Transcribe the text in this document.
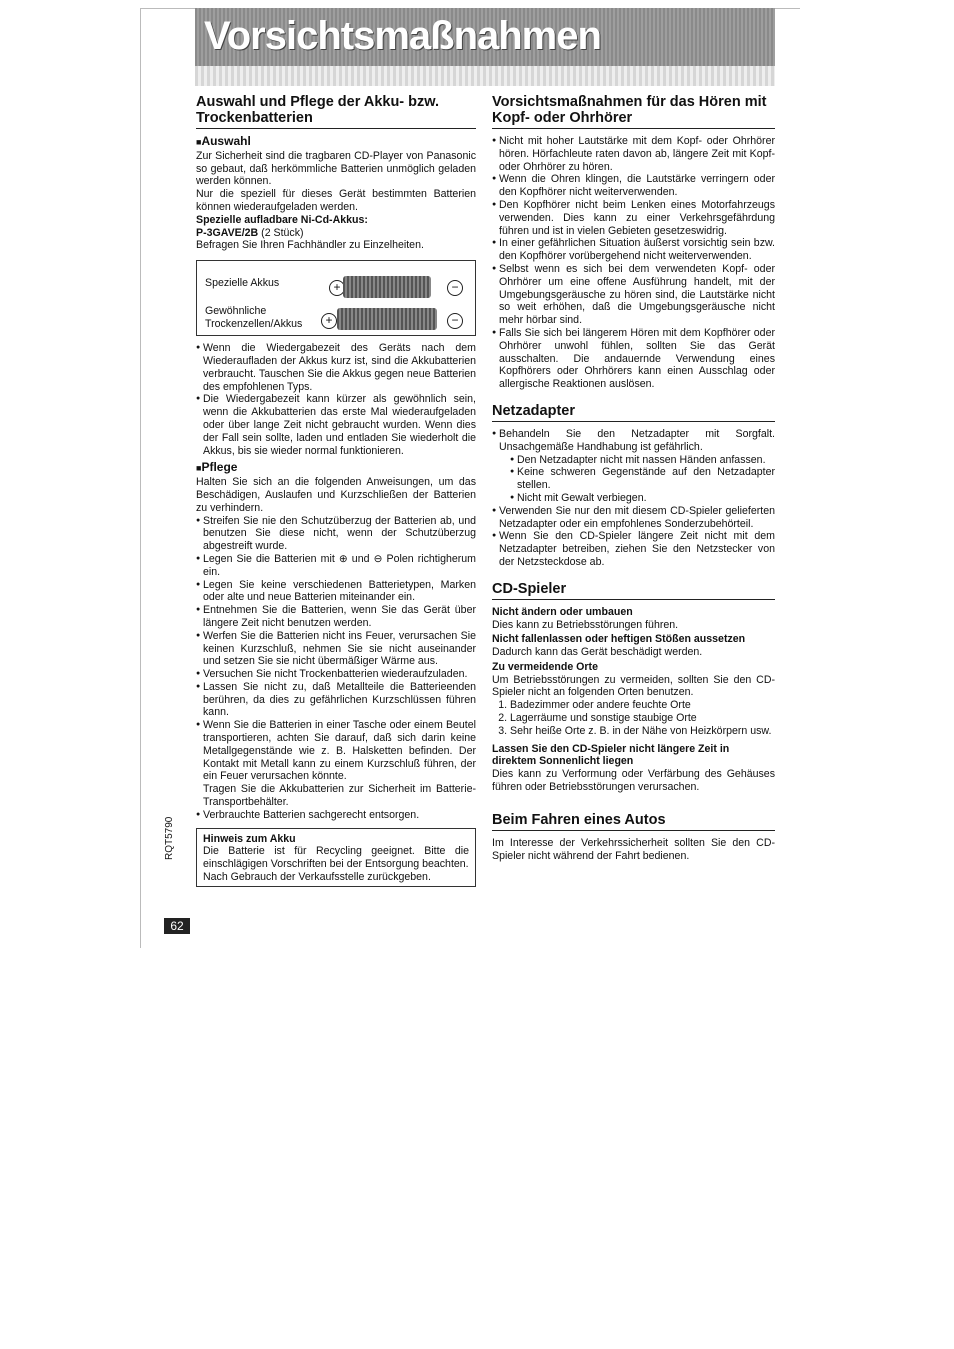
Vorsichtsmaßnahmen
RQT5790
62
Auswahl und Pflege der Akku- bzw. Trockenbatterien
■ Auswahl

Zur Sicherheit sind die tragbaren CD-Player von Panasonic so gebaut, daß herkömmliche Batterien unmöglich geladen werden können.

Nur die speziell für dieses Gerät bestimmten Batterien können wiederaufgeladen werden.

Spezielle aufladbare Ni-Cd-Akkus:

P-3GAVE/2B (2 Stück)

Befragen Sie Ihren Fachhändler zu Einzelheiten.

Spezielle Akkus	+	−
Gewöhnliche
Trockenzellen/Akkus	+	−
● Wenn die Wiedergabezeit des Geräts nach dem Wiederaufladen der Akkus kurz ist, sind die Akkubatterien verbraucht. Tauschen Sie die Akkus gegen neue Batterien des empfohlenen Typs.
● Die Wiedergabezeit kann kürzer als gewöhnlich sein, wenn die Akkubatterien das erste Mal wiederaufgeladen oder über lange Zeit nicht gebraucht wurden. Wenn dies der Fall sein sollte, laden und entladen Sie wiederholt die Akkus, bis sie wieder normal funktionieren.
■ Pflege

Halten Sie sich an die folgenden Anweisungen, um das Beschädigen, Auslaufen und Kurzschließen der Batterien zu verhindern.

● Streifen Sie nie den Schutzüberzug der Batterien ab, und benutzen Sie diese nicht, wenn der Schutzüberzug abgestreift wurde.
● Legen Sie die Batterien mit ⊕ und ⊖ Polen richtigherum ein.
● Legen Sie keine verschiedenen Batterietypen, Marken oder alte und neue Batterien miteinander ein.
● Entnehmen Sie die Batterien, wenn Sie das Gerät über längere Zeit nicht benutzen werden.
● Werfen Sie die Batterien nicht ins Feuer, verursachen Sie keinen Kurzschluß, nehmen Sie sie nicht auseinander und setzen Sie sie nicht übermäßiger Wärme aus.
● Versuchen Sie nicht Trockenbatterien wiederaufzuladen.
● Lassen Sie nicht zu, daß Metallteile die Batterieenden berühren, da dies zu gefährlichen Kurzschlüssen führen kann.
● Wenn Sie die Batterien in einer Tasche oder einem Beutel transportieren, achten Sie darauf, daß sich darin keine Metallgegenstände wie z. B. Halsketten befinden. Der Kontakt mit Metall kann zu einem Kurzschluß führen, der ein Feuer verursachen könnte.

Tragen Sie die Akkubatterien zur Sicherheit im Batterie-Transportbehälter.

● Verbrauchte Batterien sachgerecht entsorgen.
Hinweis zum Akku

Die Batterie ist für Recycling geeignet. Bitte die einschlägigen Vorschriften bei der Entsorgung beachten.

Nach Gebrauch der Verkaufsstelle zurückgeben.

Vorsichtsmaßnahmen für das Hören mit Kopf- oder Ohrhörer
● Nicht mit hoher Lautstärke mit dem Kopf- oder Ohrhörer hören. Hörfachleute raten davon ab, längere Zeit mit Kopf- oder Ohrhörer zu hören.
● Wenn die Ohren klingen, die Lautstärke verringern oder den Kopfhörer nicht weiterverwenden.
● Den Kopfhörer nicht beim Lenken eines Motorfahrzeugs verwenden. Dies kann zu einer Verkehrsgefährdung führen und ist in vielen Gebieten gesetzeswidrig.
● In einer gefährlichen Situation äußerst vorsichtig sein bzw. den Kopfhörer vorübergehend nicht weiterverwenden.
● Selbst wenn es sich bei dem verwendeten Kopf- oder Ohrhörer um eine offene Ausführung handelt, mit der Umgebungsgeräusche zu hören sind, die Lautstärke nicht so weit erhöhen, daß die Umgebungsgeräusche nicht mehr hörbar sind.
● Falls Sie sich bei längerem Hören mit dem Kopfhörer oder Ohrhörer unwohl fühlen, sollten Sie das Gerät ausschalten. Die andauernde Verwendung eines Kopfhörers oder Ohrhörers kann einen Ausschlag oder allergische Reaktionen auslösen.
Netzadapter
● Behandeln Sie den Netzadapter mit Sorgfalt. Unsachgemäße Handhabung ist gefährlich.
● Den Netzadapter nicht mit nassen Händen anfassen.
● Keine schweren Gegenstände auf den Netzadapter stellen.
● Nicht mit Gewalt verbiegen.
● Verwenden Sie nur den mit diesem CD-Spieler gelieferten Netzadapter oder ein empfohlenes Sonderzubehörteil.
● Wenn Sie den CD-Spieler längere Zeit nicht mit dem Netzadapter betreiben, ziehen Sie den Netzstecker von der Netzsteckdose ab.
CD-Spieler
Nicht ändern oder umbauen

Dies kann zu Betriebsstörungen führen.

Nicht fallenlassen oder heftigen Stößen aussetzen

Dadurch kann das Gerät beschädigt werden.

Zu vermeidende Orte

Um Betriebsstörungen zu vermeiden, sollten Sie den CD-Spieler nicht an folgenden Orten benutzen.

1. Badezimmer oder andere feuchte Orte
2. Lagerräume und sonstige staubige Orte
3. Sehr heiße Orte z. B. in der Nähe von Heizkörpern usw.
Lassen Sie den CD-Spieler nicht längere Zeit in direktem Sonnenlicht liegen

Dies kann zu Verformung oder Verfärbung des Gehäuses führen oder Betriebsstörungen verursachen.

Beim Fahren eines Autos

Im Interesse der Verkehrssicherheit sollten Sie den CD-Spieler nicht während der Fahrt bedienen.
